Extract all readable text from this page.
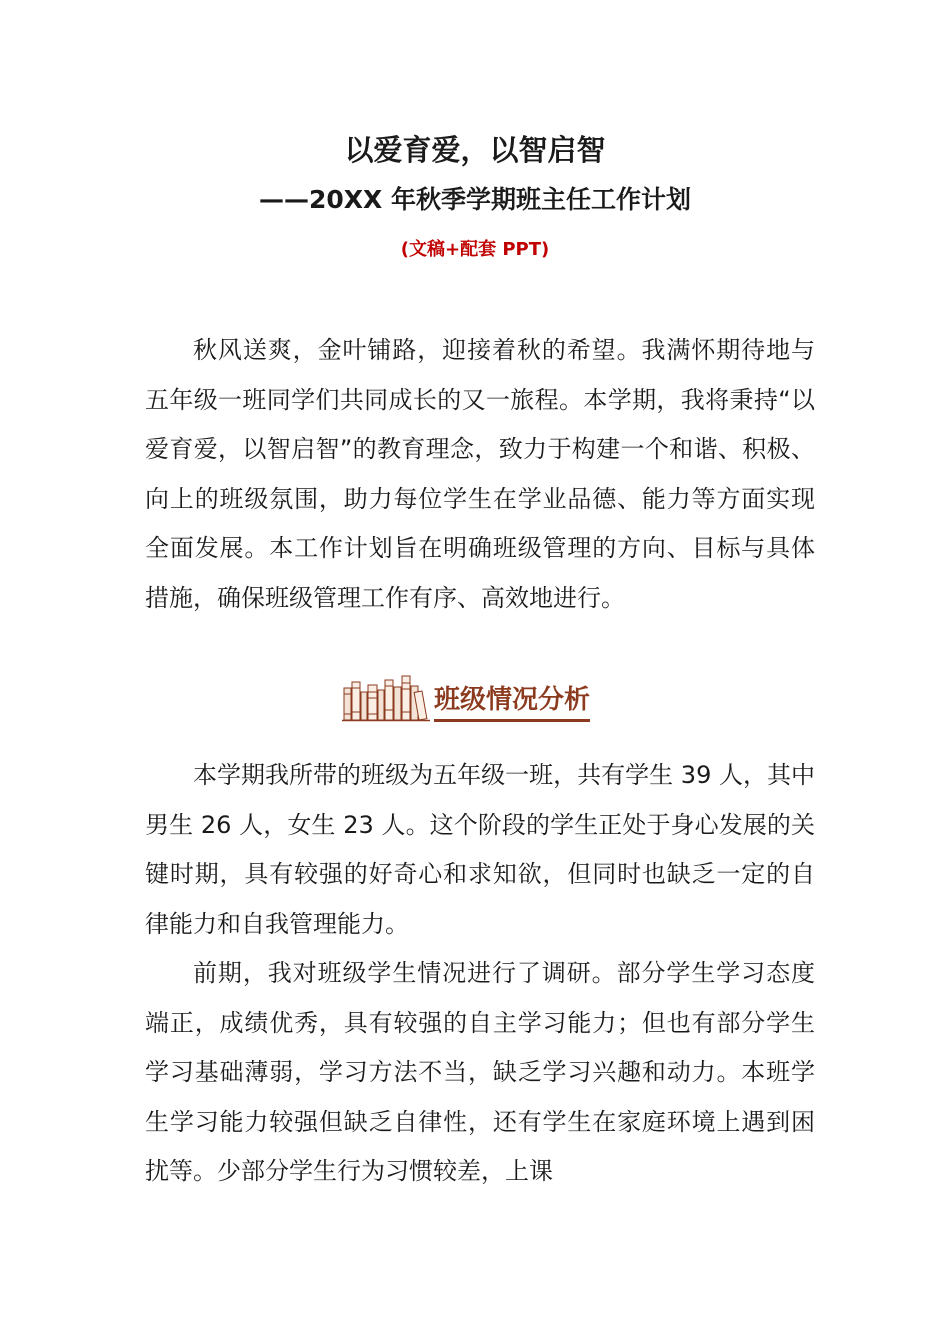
以爱育爱，以智启智
——20XX 年秋季学期班主任工作计划
(文稿+配套 PPT)

秋风送爽，金叶铺路，迎接着秋的希望。我满怀期待地与五年级一班同学们共同成长的又一旅程。本学期，我将秉持“以爱育爱，以智启智”的教育理念，致力于构建一个和谐、积极、向上的班级氛围，助力每位学生在学业品德、能力等方面实现全面发展。本工作计划旨在明确班级管理的方向、目标与具体措施，确保班级管理工作有序、高效地进行。

班级情况分析

本学期我所带的班级为五年级一班，共有学生 39 人，其中男生 26 人，女生 23 人。这个阶段的学生正处于身心发展的关键时期，具有较强的好奇心和求知欲，但同时也缺乏一定的自律能力和自我管理能力。

前期，我对班级学生情况进行了调研。部分学生学习态度端正，成绩优秀，具有较强的自主学习能力；但也有部分学生学习基础薄弱，学习方法不当，缺乏学习兴趣和动力。本班学生学习能力较强但缺乏自律性，还有学生在家庭环境上遇到困扰等。少部分学生行为习惯较差，上课
